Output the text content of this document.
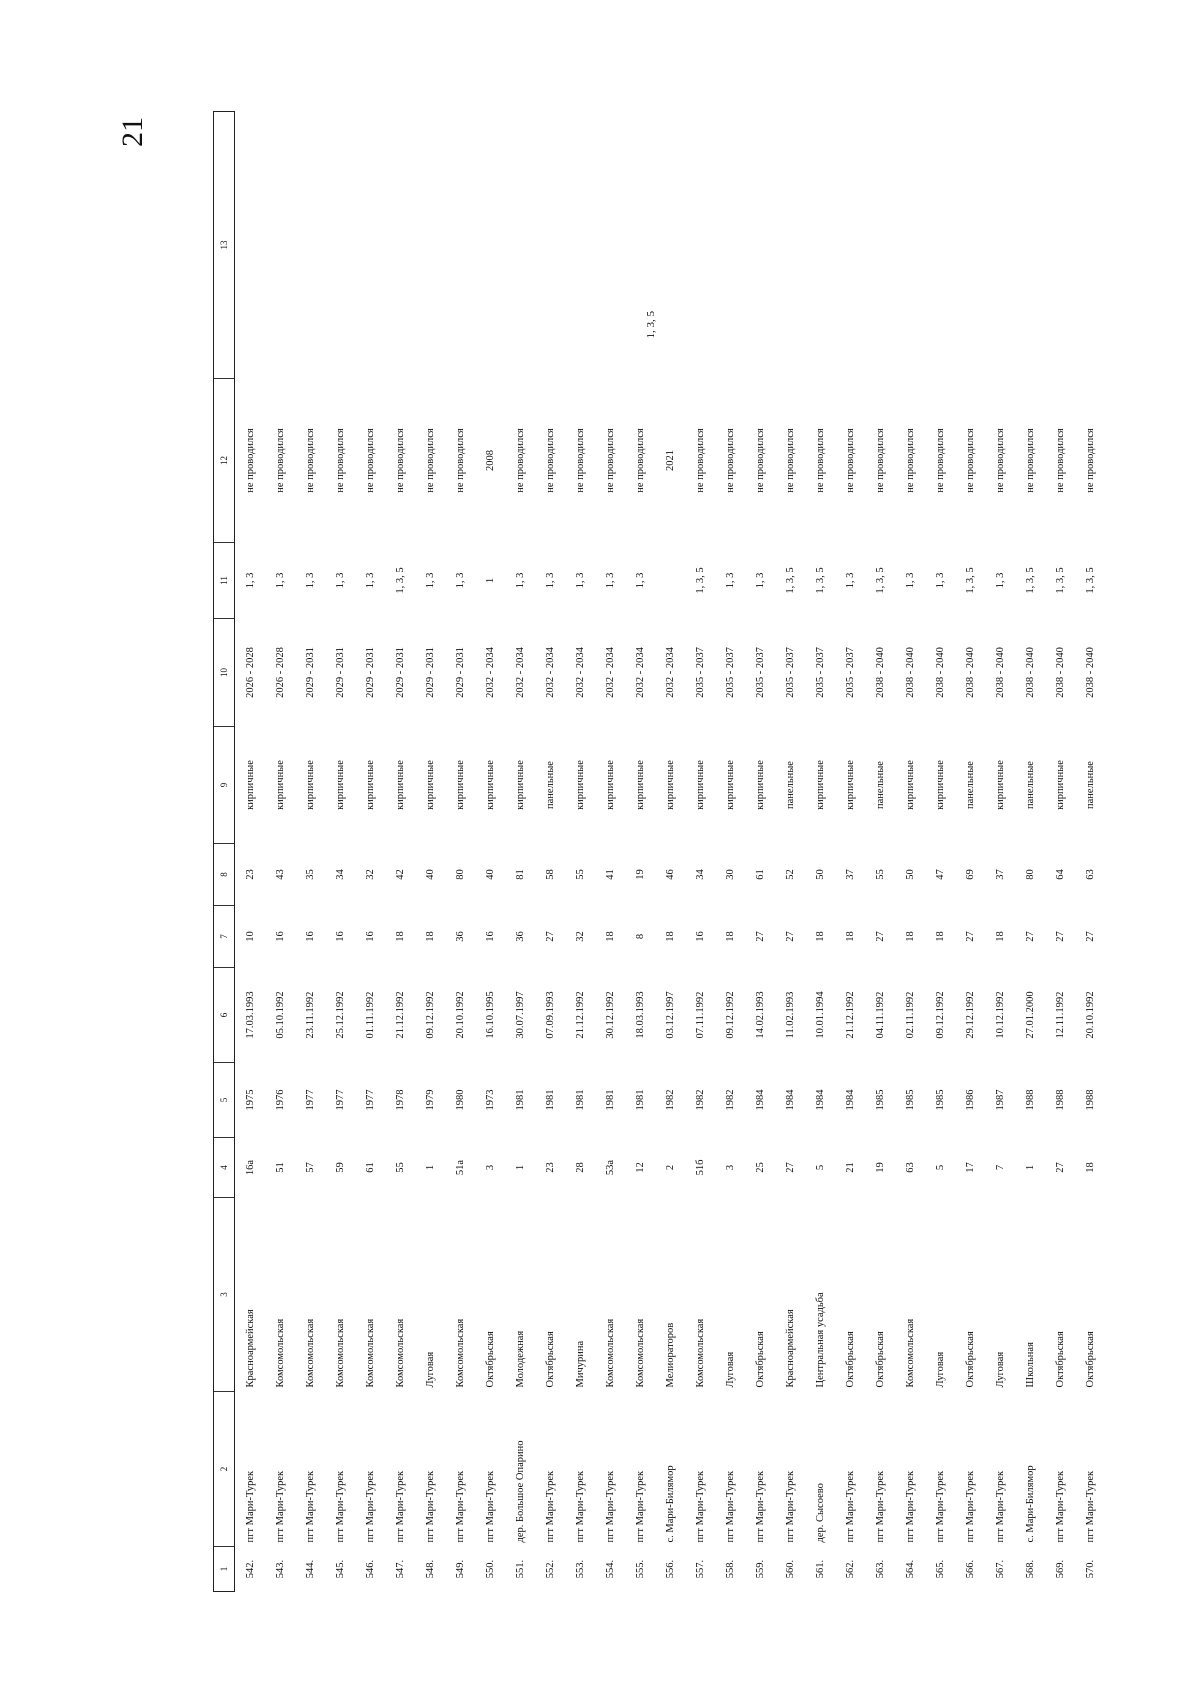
21
1	2	3	4	5	6	7	8	9	10	11	12	13
542.	пгт Мари-Турек	Красноармейская	16а	1975	17.03.1993	10	23	кирпичные	2026 - 2028	1, 3	не проводился	

543.	пгт Мари-Турек	Комсомольская	51	1976	05.10.1992	16	43	кирпичные	2026 - 2028	1, 3	не проводился	

544.	пгт Мари-Турек	Комсомольская	57	1977	23.11.1992	16	35	кирпичные	2029 - 2031	1, 3	не проводился	

545.	пгт Мари-Турек	Комсомольская	59	1977	25.12.1992	16	34	кирпичные	2029 - 2031	1, 3	не проводился	

546.	пгт Мари-Турек	Комсомольская	61	1977	01.11.1992	16	32	кирпичные	2029 - 2031	1, 3	не проводился	

547.	пгт Мари-Турек	Комсомольская	55	1978	21.12.1992	18	42	кирпичные	2029 - 2031	1, 3, 5	не проводился	

548.	пгт Мари-Турек	Луговая	1	1979	09.12.1992	18	40	кирпичные	2029 - 2031	1, 3	не проводился	

549.	пгт Мари-Турек	Комсомольская	51а	1980	20.10.1992	36	80	кирпичные	2029 - 2031	1, 3	не проводился	

550.	пгт Мари-Турек	Октябрьская	3	1973	16.10.1995	16	40	кирпичные	2032 - 2034	1	2008	

551.	дер. Большое Опарино	Молодежная	1	1981	30.07.1997	36	81	кирпичные	2032 - 2034	1, 3	не проводился	

552.	пгт Мари-Турек	Октябрьская	23	1981	07.09.1993	27	58	панельные	2032 - 2034	1, 3	не проводился	

553.	пгт Мари-Турек	Мичурина	28	1981	21.12.1992	32	55	кирпичные	2032 - 2034	1, 3	не проводился	

554.	пгт Мари-Турек	Комсомольская	53а	1981	30.12.1992	18	41	кирпичные	2032 - 2034	1, 3	не проводился	

555.	пгт Мари-Турек	Комсомольская	12	1981	18.03.1993	8	19	кирпичные	2032 - 2034	1, 3	не проводился	

556.	с. Мари-Билямор	Мелиораторов	2	1982	03.12.1997	18	46	кирпичные	2032 - 2034		2021	1, 3, 5

557.	пгт Мари-Турек	Комсомольская	51б	1982	07.11.1992	16	34	кирпичные	2035 - 2037	1, 3, 5	не проводился	

558.	пгт Мари-Турек	Луговая	3	1982	09.12.1992	18	30	кирпичные	2035 - 2037	1, 3	не проводился	

559.	пгт Мари-Турек	Октябрьская	25	1984	14.02.1993	27	61	кирпичные	2035 - 2037	1, 3	не проводился	

560.	пгт Мари-Турек	Красноармейская	27	1984	11.02.1993	27	52	панельные	2035 - 2037	1, 3, 5	не проводился	

561.	дер. Сысоево	Центральная усадьба	5	1984	10.01.1994	18	50	кирпичные	2035 - 2037	1, 3, 5	не проводился	

562.	пгт Мари-Турек	Октябрьская	21	1984	21.12.1992	18	37	кирпичные	2035 - 2037	1, 3	не проводился	

563.	пгт Мари-Турек	Октябрьская	19	1985	04.11.1992	27	55	панельные	2038 - 2040	1, 3, 5	не проводился	

564.	пгт Мари-Турек	Комсомольская	63	1985	02.11.1992	18	50	кирпичные	2038 - 2040	1, 3	не проводился	

565.	пгт Мари-Турек	Луговая	5	1985	09.12.1992	18	47	кирпичные	2038 - 2040	1, 3	не проводился	

566.	пгт Мари-Турек	Октябрьская	17	1986	29.12.1992	27	69	панельные	2038 - 2040	1, 3, 5	не проводился	

567.	пгт Мари-Турек	Луговая	7	1987	10.12.1992	18	37	кирпичные	2038 - 2040	1, 3	не проводился	

568.	с. Мари-Билямор	Школьная	1	1988	27.01.2000	27	80	панельные	2038 - 2040	1, 3, 5	не проводился	

569.	пгт Мари-Турек	Октябрьская	27	1988	12.11.1992	27	64	кирпичные	2038 - 2040	1, 3, 5	не проводился	

570.	пгт Мари-Турек	Октябрьская	18	1988	20.10.1992	27	63	панельные	2038 - 2040	1, 3, 5	не проводился	
